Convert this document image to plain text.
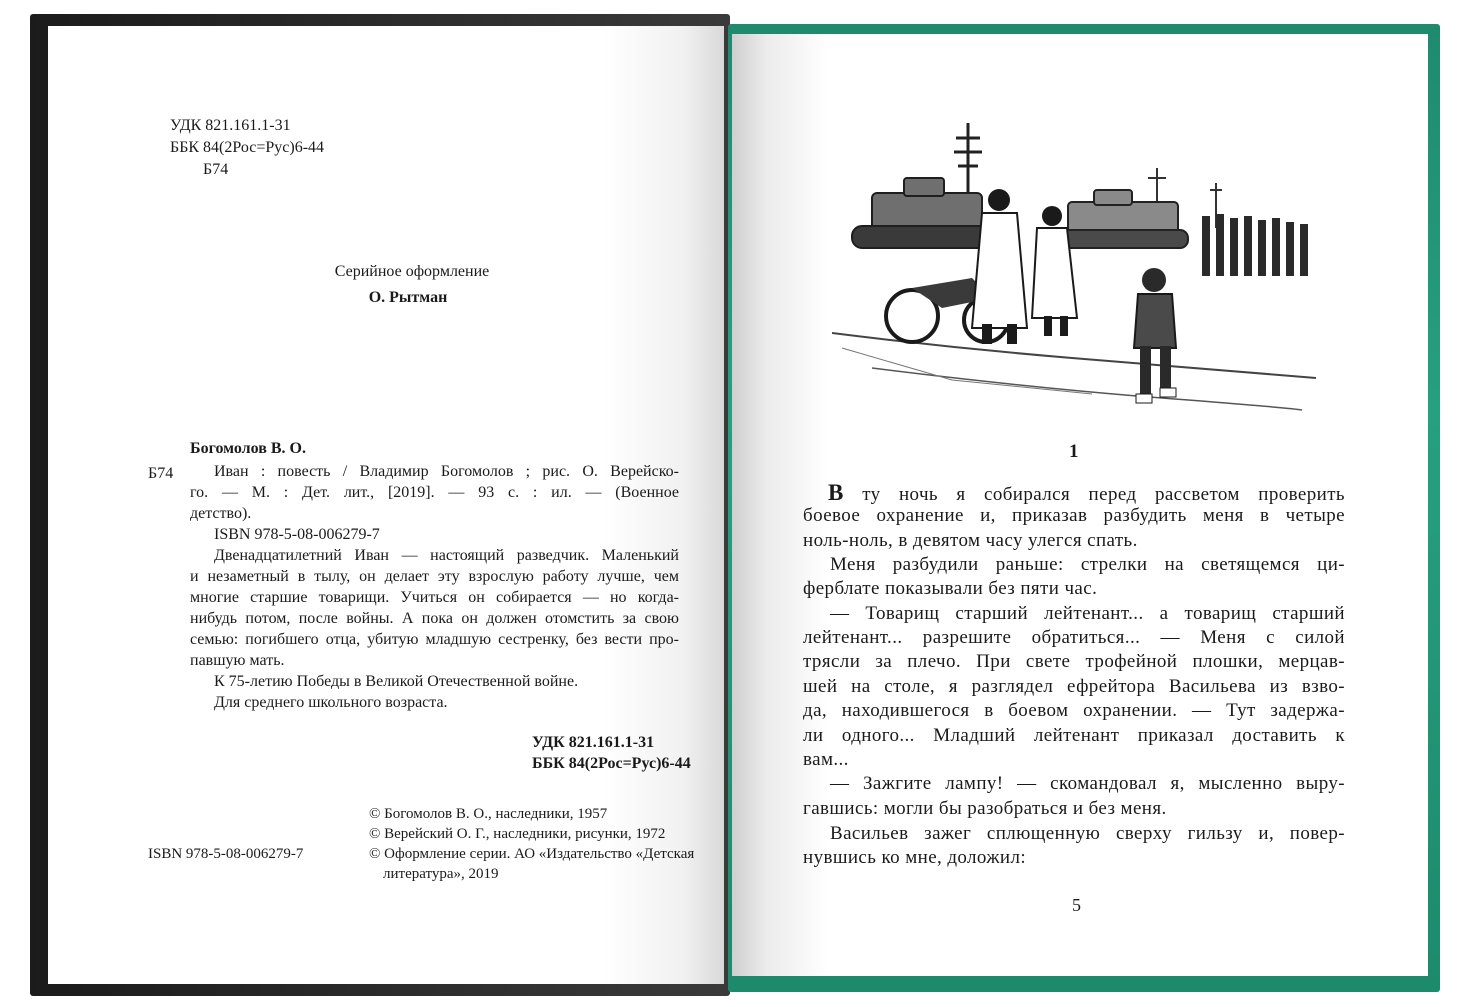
УДК 821.161.1-31

ББК 84(2Рос=Рус)6-44

Б74

Серийное оформление

О. Рытман

Богомолов В. О.

Б74	Иван : повесть / Владимир Богомолов ; рис. О. Верейско-

го. — М. : Дет. лит., [2019]. — 93 с. : ил. — (Военное

детство).

ISBN 978-5-08-006279-7

Двенадцатилетний Иван — настоящий разведчик. Маленький

и незаметный в тылу, он делает эту взрослую работу лучше, чем

многие старшие товарищи. Учиться он собирается — но когда-

нибудь потом, после войны. А пока он должен отомстить за свою

семью: погибшего отца, убитую младшую сестренку, без вести про-

павшую мать.

К 75-летию Победы в Великой Отечественной войне.

Для среднего школьного возраста.

УДК 821.161.1-31

ББК 84(2Рос=Рус)6-44

© Богомолов В. О., наследники, 1957

© Верейский О. Г., наследники, рисунки, 1972

© Оформление серии. АО «Издательство «Детская

литература», 2019

ISBN 978-5-08-006279-7

1

В ту ночь я собирался перед рассветом проверить

боевое охранение и, приказав разбудить меня в четыре

ноль-ноль, в девятом часу улегся спать.

Меня разбудили раньше: стрелки на светящемся ци-

ферблате показывали без пяти час.

— Товарищ старший лейтенант... а товарищ старший

лейтенант... разрешите обратиться... — Меня с силой

трясли за плечо. При свете трофейной плошки, мерцав-

шей на столе, я разглядел ефрейтора Васильева из взво-

да, находившегося в боевом охранении. — Тут задержа-

ли одного... Младший лейтенант приказал доставить к

вам...

— Зажгите лампу! — скомандовал я, мысленно выру-

гавшись: могли бы разобраться и без меня.

Васильев зажег сплющенную сверху гильзу и, повер-

нувшись ко мне, доложил:

5
